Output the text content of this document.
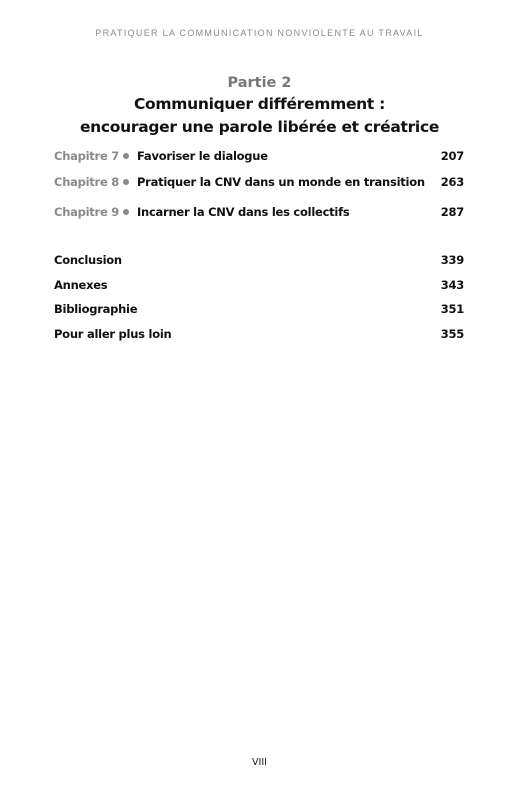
PRATIQUER LA COMMUNICATION NONVIOLENTE AU TRAVAIL
Partie 2
Communiquer différemment :
encourager une parole libérée et créatrice
Chapitre 7	Favoriser le dialogue	207
Chapitre 8	Pratiquer la CNV dans un monde en transition	263
Chapitre 9	Incarner la CNV dans les collectifs	287
Conclusion	339
Annexes	343
Bibliographie	351
Pour aller plus loin	355
VIII
